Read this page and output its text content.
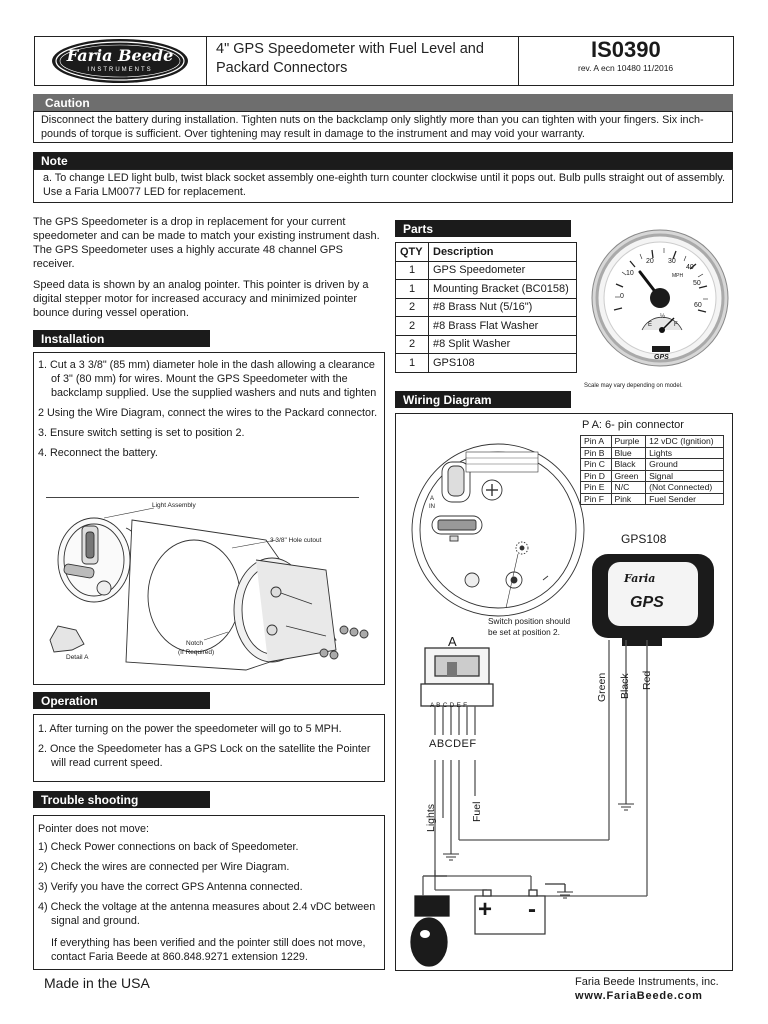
Faria Beede
INSTRUMENTS
4" GPS Speedometer with Fuel Level and
Packard Connectors
IS0390
rev. A ecn 10480 11/2016
Caution
Disconnect the battery during installation. Tighten nuts on the backclamp only slightly more than you can tighten with your fingers. Six inch-pounds of torque is sufficient. Over tightening may result in damage to the instrument and may void your warranty.
Note
a. To change LED light bulb, twist black socket assembly one-eighth turn counter clockwise until it pops out. Bulb pulls straight out of assembly. Use a Faria LM0077 LED for replacement.
The GPS Speedometer is a drop in replacement for your current speedometer and can be made to match your existing instrument dash. The GPS Speedometer uses a highly accurate 48 channel GPS receiver.
Speed data is shown by an analog pointer. This pointer is driven by a digital stepper motor for increased accuracy and minimized pointer bounce during vessel operation.
Parts
QTY	Description
1	GPS Speedometer
1	Mounting Bracket (BC0158)
2	#8 Brass Nut (5/16")
2	#8 Brass Flat Washer
2	#8 Split Washer
1	GPS108
0
10
20 30
40
50
60
MPH
E
½
F
GPS
Scale may vary depending on model.
Installation
1. Cut a 3 3/8" (85 mm) diameter hole in the dash allowing a clearance of 3" (80 mm) for wires. Mount the GPS Speedometer with the backclamp supplied. Use the supplied washers and nuts and tighten
2 Using the Wire Diagram, connect the wires to the Packard connector.
3. Ensure switch setting is set to position 2.
4. Reconnect the battery.
Light Assembly
3 3/8" Hole cutout
Notch
(If Required)
Detail A
Operation
1. After turning on the power the speedometer will go to 5 MPH.
2. Once the Speedometer has a GPS Lock on the satellite the Pointer will read current speed.
Trouble shooting
Pointer does not move:
1) Check Power connections on back of Speedometer.
2) Check the wires are connected per Wire Diagram.
3) Verify you have the correct GPS Antenna connected.
4) Check the voltage at the antenna measures about 2.4 vDC between signal and ground.
If everything has been verified and the pointer still does not move, contact Faria Beede at 860.848.9271 extension 1229.
Wiring Diagram
P A: 6- pin connector
Pin A	Purple	12 vDC (Ignition)
Pin B	Blue	Lights
Pin C	Black	Ground
Pin D	Green	Signal
Pin E	N/C	(Not Connected)
Pin F	Pink	Fuel Sender
A
IN
Switch position should
be set at position 2.
GPS108
Faria
GPS
A
A B C D E F
ABCDEF
Lights	Fuel
Green Black Red
+ -
Made in the USA	Faria Beede Instruments, inc.
www.FariaBeede.com
